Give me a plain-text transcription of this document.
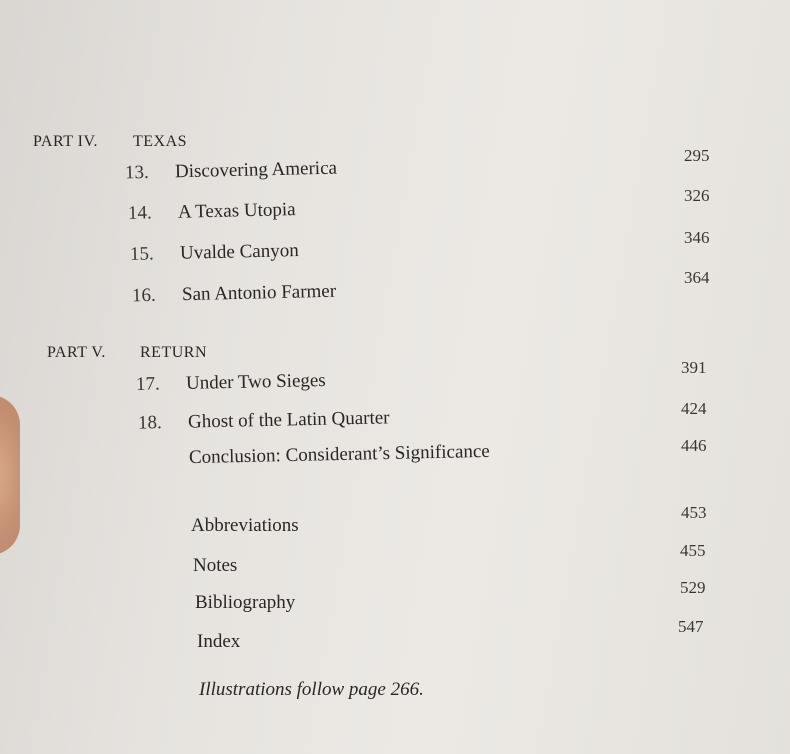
PART IV. TEXAS
13. Discovering America
295
14. A Texas Utopia
326
15. Uvalde Canyon
346
16. San Antonio Farmer
364
PART V. RETURN
17. Under Two Sieges
391
18. Ghost of the Latin Quarter	424
Conclusion: Considerant’s Significance	446
Abbreviations
453
Notes
455
Bibliography
529
Index
547
Illustrations follow page 266.
